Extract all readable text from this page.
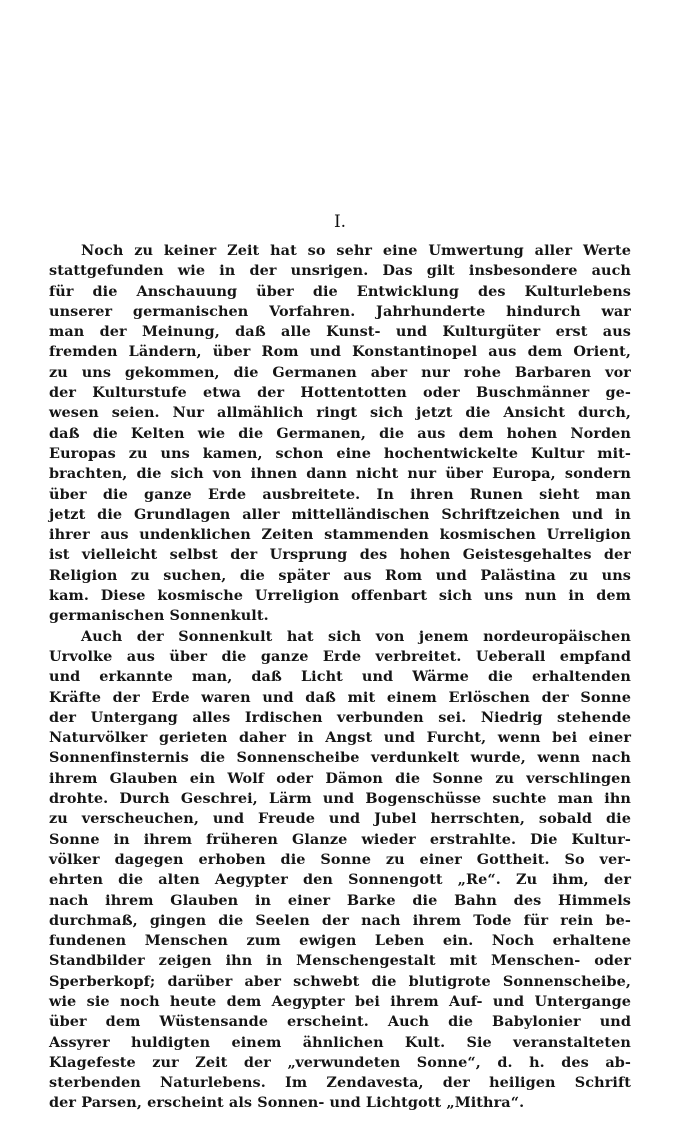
I.
Noch zu keiner Zeit hat so sehr eine Umwertung aller Werte
stattgefunden wie in der unsrigen. Das gilt insbesondere auch
für die Anschauung über die Entwicklung des Kulturlebens
unserer germanischen Vorfahren. Jahrhunderte hindurch war
man der Meinung, daß alle Kunst- und Kulturgüter erst aus
fremden Ländern, über Rom und Konstantinopel aus dem Orient,
zu uns gekommen, die Germanen aber nur rohe Barbaren vor
der Kulturstufe etwa der Hottentotten oder Buschmänner ge-
wesen seien. Nur allmählich ringt sich jetzt die Ansicht durch,
daß die Kelten wie die Germanen, die aus dem hohen Norden
Europas zu uns kamen, schon eine hochentwickelte Kultur mit-
brachten, die sich von ihnen dann nicht nur über Europa, sondern
über die ganze Erde ausbreitete. In ihren Runen sieht man
jetzt die Grundlagen aller mittelländischen Schriftzeichen und in
ihrer aus undenklichen Zeiten stammenden kosmischen Urreligion
ist vielleicht selbst der Ursprung des hohen Geistesgehaltes der
Religion zu suchen, die später aus Rom und Palästina zu uns
kam. Diese kosmische Urreligion offenbart sich uns nun in dem
germanischen Sonnenkult.
Auch der Sonnenkult hat sich von jenem nordeuropäischen
Urvolke aus über die ganze Erde verbreitet. Ueberall empfand
und erkannte man, daß Licht und Wärme die erhaltenden
Kräfte der Erde waren und daß mit einem Erlöschen der Sonne
der Untergang alles Irdischen verbunden sei. Niedrig stehende
Naturvölker gerieten daher in Angst und Furcht, wenn bei einer
Sonnenfinsternis die Sonnenscheibe verdunkelt wurde, wenn nach
ihrem Glauben ein Wolf oder Dämon die Sonne zu verschlingen
drohte. Durch Geschrei, Lärm und Bogenschüsse suchte man ihn
zu verscheuchen, und Freude und Jubel herrschten, sobald die
Sonne in ihrem früheren Glanze wieder erstrahlte. Die Kultur-
völker dagegen erhoben die Sonne zu einer Gottheit. So ver-
ehrten die alten Aegypter den Sonnengott „Re“. Zu ihm, der
nach ihrem Glauben in einer Barke die Bahn des Himmels
durchmaß, gingen die Seelen der nach ihrem Tode für rein be-
fundenen Menschen zum ewigen Leben ein. Noch erhaltene
Standbilder zeigen ihn in Menschengestalt mit Menschen- oder
Sperberkopf; darüber aber schwebt die blutigrote Sonnenscheibe,
wie sie noch heute dem Aegypter bei ihrem Auf- und Untergange
über dem Wüstensande erscheint. Auch die Babylonier und
Assyrer huldigten einem ähnlichen Kult. Sie veranstalteten
Klagefeste zur Zeit der „verwundeten Sonne“, d. h. des ab-
sterbenden Naturlebens. Im Zendavesta, der heiligen Schrift
der Parsen, erscheint als Sonnen- und Lichtgott „Mithra“.
